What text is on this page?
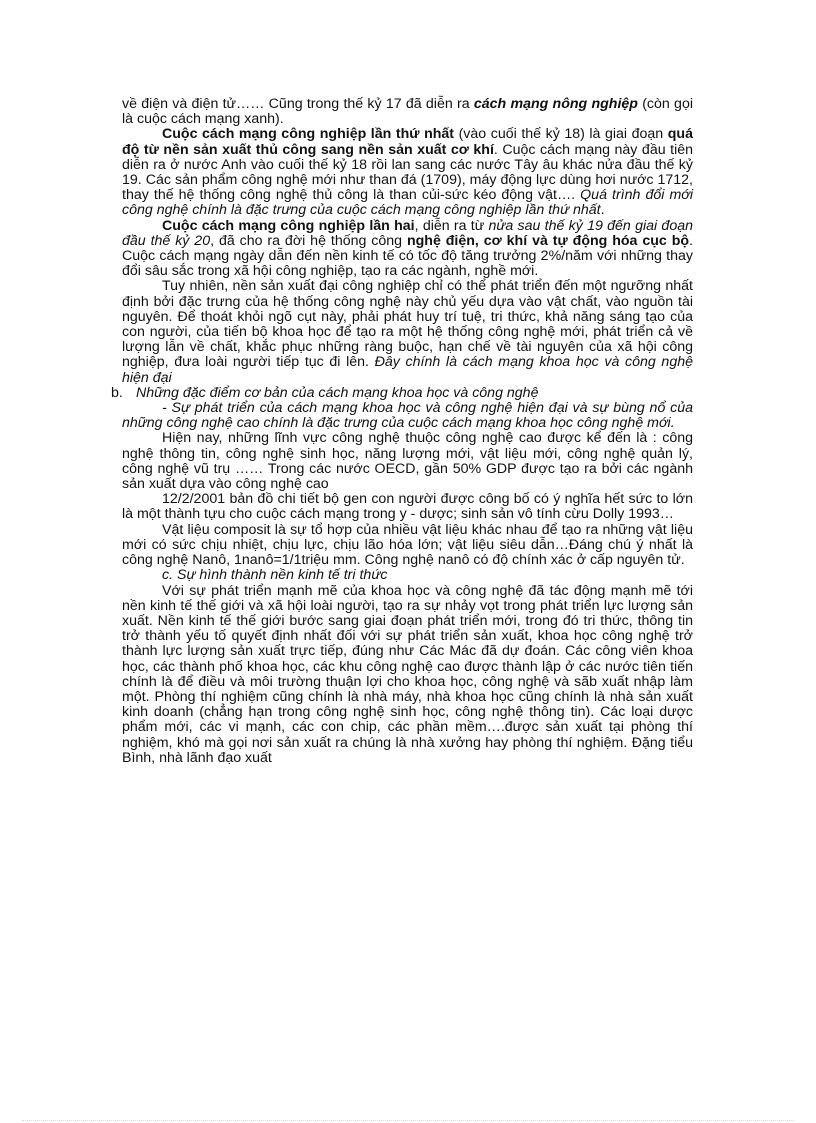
về điện và điện tử…… Cũng trong thế kỷ 17 đã diễn ra cách mạng nông nghiệp (còn gọi là cuộc cách mạng xanh).

Cuộc cách mạng công nghiệp lần thứ nhất (vào cuối thế kỷ 18) là giai đoạn quá độ từ nền sản xuất thủ công sang nền sản xuất cơ khí. Cuộc cách mạng này đầu tiên diễn ra ở nước Anh vào cuối thế kỷ 18 rồi lan sang các nước Tây âu khác nửa đầu thế kỷ 19. Các sản phẩm công nghệ mới như than đá (1709), máy động lực dùng hơi nước 1712, thay thế hệ thống công nghệ thủ công là than củi-sức kéo động vật…. Quá trình đổi mới công nghệ chính là đặc trưng của cuộc cách mạng công nghiệp lần thứ nhất.

Cuộc cách mạng công nghiệp lần hai, diễn ra từ nửa sau thế kỷ 19 đến giai đoạn đầu thế kỷ 20, đã cho ra đời hệ thống công nghệ điện, cơ khí và tự động hóa cục bộ. Cuộc cách mạng ngày dẫn đến nền kinh tế có tốc độ tăng trưởng 2%/năm với những thay đổi sâu sắc trong xã hội công nghiệp, tạo ra các ngành, nghề mới.

Tuy nhiên, nền sản xuất đại công nghiệp chỉ có thể phát triển đến một ngưỡng nhất định bởi đặc trưng của hệ thống công nghệ này chủ yếu dựa vào vật chất, vào nguồn tài nguyên. Để thoát khỏi ngõ cụt này, phải phát huy trí tuệ, tri thức, khả năng sáng tạo của con người, của tiến bộ khoa học để tạo ra một hệ thống công nghệ mới, phát triển cả về lượng lẫn về chất, khắc phục những ràng buộc, hạn chế về tài nguyên của xã hội công nghiệp, đưa loài người tiếp tục đi lên. Đây chính là cách mạng khoa học và công nghệ hiện đại

b. Những đặc điểm cơ bản của cách mạng khoa học và công nghệ

- Sự phát triển của cách mạng khoa học và công nghệ hiện đại và sự bùng nổ của những công nghệ cao chính là đặc trưng của cuộc cách mạng khoa học công nghệ mới.

Hiện nay, những lĩnh vực công nghệ thuộc công nghệ cao được kể đến là : công nghệ thông tin, công nghệ sinh học, năng lượng mới, vật liệu mới, công nghệ quản lý, công nghệ vũ trụ …… Trong các nước OECD, gần 50% GDP được tạo ra bởi các ngành sản xuất dựa vào công nghệ cao

12/2/2001 bản đồ chi tiết bộ gen con người được công bố có ý nghĩa hết sức to lớn là một thành tựu cho cuộc cách mạng trong y - dược; sinh sản vô tính cừu Dolly 1993…

Vật liệu composit là sự tổ hợp của nhiều vật liệu khác nhau để tạo ra những vật liệu mới có sức chịu nhiệt, chịu lực, chịu lão hóa lớn; vật liệu siêu dẫn…Đáng chú ý nhất là công nghệ Nanô, 1nanô=1/1triệu mm. Công nghệ nanô có độ chính xác ở cấp nguyên tử.

c. Sự hình thành nền kinh tế tri thức

Với sự phát triển mạnh mẽ của khoa học và công nghệ đã tác động mạnh mẽ tới nền kinh tế thế giới và xã hội loài người, tạo ra sự nhảy vọt trong phát triển lực lượng sản xuất. Nền kinh tế thế giới bước sang giai đoạn phát triển mới, trong đó tri thức, thông tin trở thành yếu tố quyết định nhất đối với sự phát triển sản xuất, khoa học công nghệ trở thành lực lượng sản xuất trực tiếp, đúng như Các Mác đã dự đoán. Các công viên khoa học, các thành phố khoa học, các khu công nghệ cao được thành lập ở các nước tiên tiến chính là để điều và môi trường thuận lợi cho khoa học, công nghệ và sãb xuất nhập làm một. Phòng thí nghiệm cũng chính là nhà máy, nhà khoa học cũng chính là nhà sản xuất kinh doanh (chẳng hạn trong công nghệ sinh học, công nghệ thông tin). Các loại dược phẩm mới, các vi mạnh, các con chip, các phần mềm….được sản xuất tại phòng thí nghiệm, khó mà gọi nơi sản xuất ra chúng là nhà xưởng hay phòng thí nghiệm. Đặng tiểu Bình, nhà lãnh đạo xuất
